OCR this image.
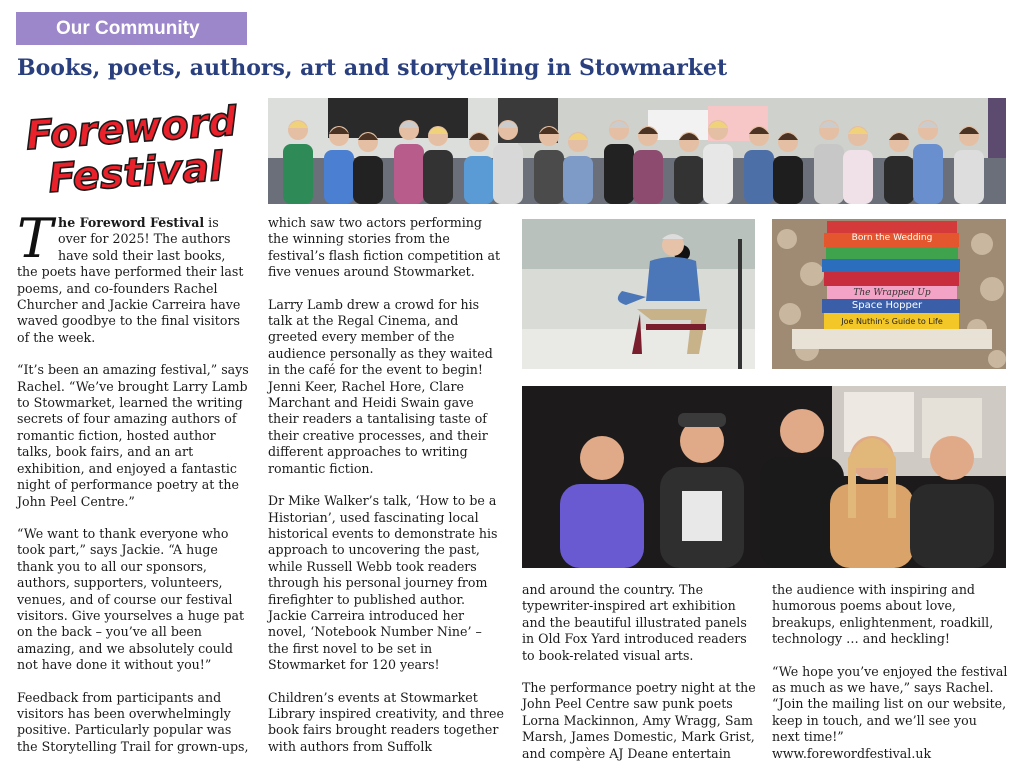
Our Community
Books, poets, authors, art and storytelling in Stowmarket
Foreword
Festival
Born the Wedding
Space Hopper
The Wrapped Up
Joe Nuthin’s Guide to Life

The Foreword Festival is over for 2025! The authors have sold their last books, the poets have performed their last poems, and co-founders Rachel Churcher and Jackie Carreira have waved goodbye to the final visitors of the week.

“It’s been an amazing festival,” says Rachel. “We’ve brought Larry Lamb to Stowmarket, learned the writing secrets of four amazing authors of romantic fiction, hosted author talks, book fairs, and an art exhibition, and enjoyed a fantastic night of performance poetry at the John Peel Centre.”

“We want to thank everyone who took part,” says Jackie. “A huge thank you to all our sponsors, authors, supporters, volunteers, venues, and of course our festival visitors. Give yourselves a huge pat on the back – you’ve all been amazing, and we absolutely could not have done it without you!”

Feedback from participants and visitors has been overwhelmingly positive. Particularly popular was the Storytelling Trail for grown-ups,

which saw two actors performing the winning stories from the festival’s flash fiction competition at five venues around Stowmarket.

Larry Lamb drew a crowd for his talk at the Regal Cinema, and greeted every member of the audience personally as they waited in the café for the event to begin! Jenni Keer, Rachel Hore, Clare Marchant and Heidi Swain gave their readers a tantalising taste of their creative processes, and their different approaches to writing romantic fiction.

Dr Mike Walker’s talk, ‘How to be a Historian’, used fascinating local historical events to demonstrate his approach to uncovering the past, while Russell Webb took readers through his personal journey from firefighter to published author. Jackie Carreira introduced her novel, ‘Notebook Number Nine’ – the first novel to be set in Stowmarket for 120 years!

Children’s events at Stowmarket Library inspired creativity, and three book fairs brought readers together with authors from Suffolk

and around the country. The typewriter-inspired art exhibition and the beautiful illustrated panels in Old Fox Yard introduced readers to book-related visual arts.

The performance poetry night at the John Peel Centre saw punk poets Lorna Mackinnon, Amy Wragg, Sam Marsh, James Domestic, Mark Grist, and compère AJ Deane entertain

the audience with inspiring and humorous poems about love, breakups, enlightenment, roadkill, technology … and heckling!

“We hope you’ve enjoyed the festival as much as we have,” says Rachel. “Join the mailing list on our website, keep in touch, and we’ll see you next time!”

www.forewordfestival.uk
